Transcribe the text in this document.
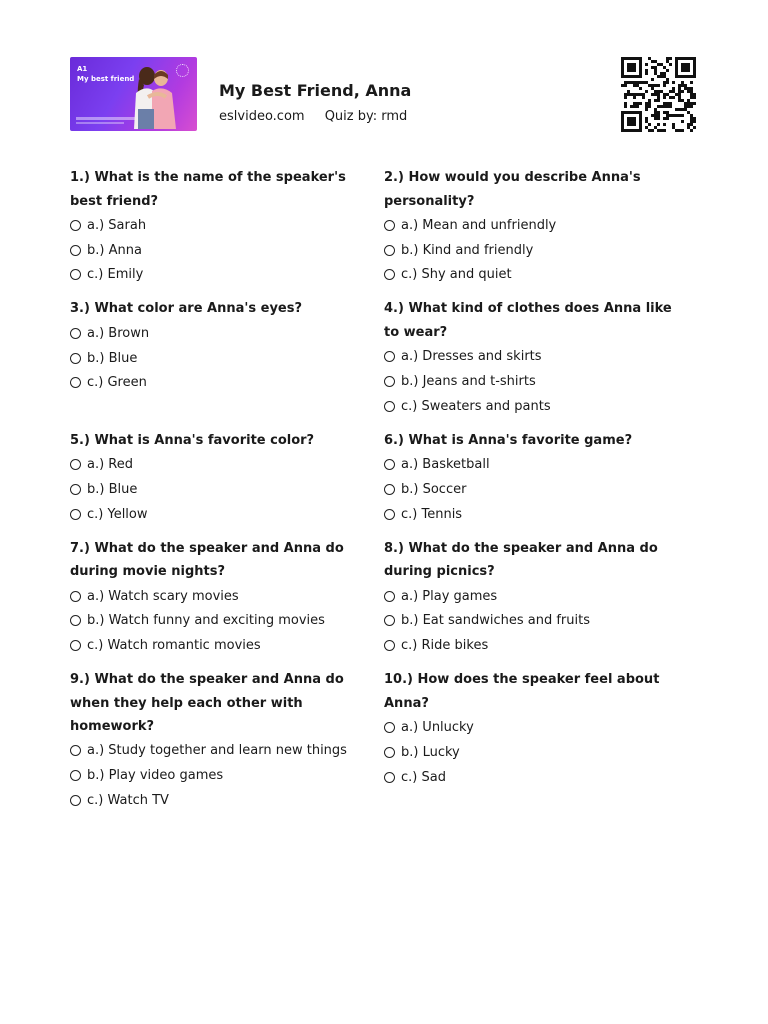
A1
My best friend
My Best Friend, Anna
eslvideo.com Quiz by: rmd
1.) What is the name of the speaker's best friend?
a.) Sarah
b.) Anna
c.) Emily
2.) How would you describe Anna's personality?
a.) Mean and unfriendly
b.) Kind and friendly
c.) Shy and quiet
3.) What color are Anna's eyes?
a.) Brown
b.) Blue
c.) Green
4.) What kind of clothes does Anna like to wear?
a.) Dresses and skirts
b.) Jeans and t-shirts
c.) Sweaters and pants
5.) What is Anna's favorite color?
a.) Red
b.) Blue
c.) Yellow
6.) What is Anna's favorite game?
a.) Basketball
b.) Soccer
c.) Tennis
7.) What do the speaker and Anna do during movie nights?
a.) Watch scary movies
b.) Watch funny and exciting movies
c.) Watch romantic movies
8.) What do the speaker and Anna do during picnics?
a.) Play games
b.) Eat sandwiches and fruits
c.) Ride bikes
9.) What do the speaker and Anna do when they help each other with homework?
a.) Study together and learn new things
b.) Play video games
c.) Watch TV
10.) How does the speaker feel about Anna?
a.) Unlucky
b.) Lucky
c.) Sad
